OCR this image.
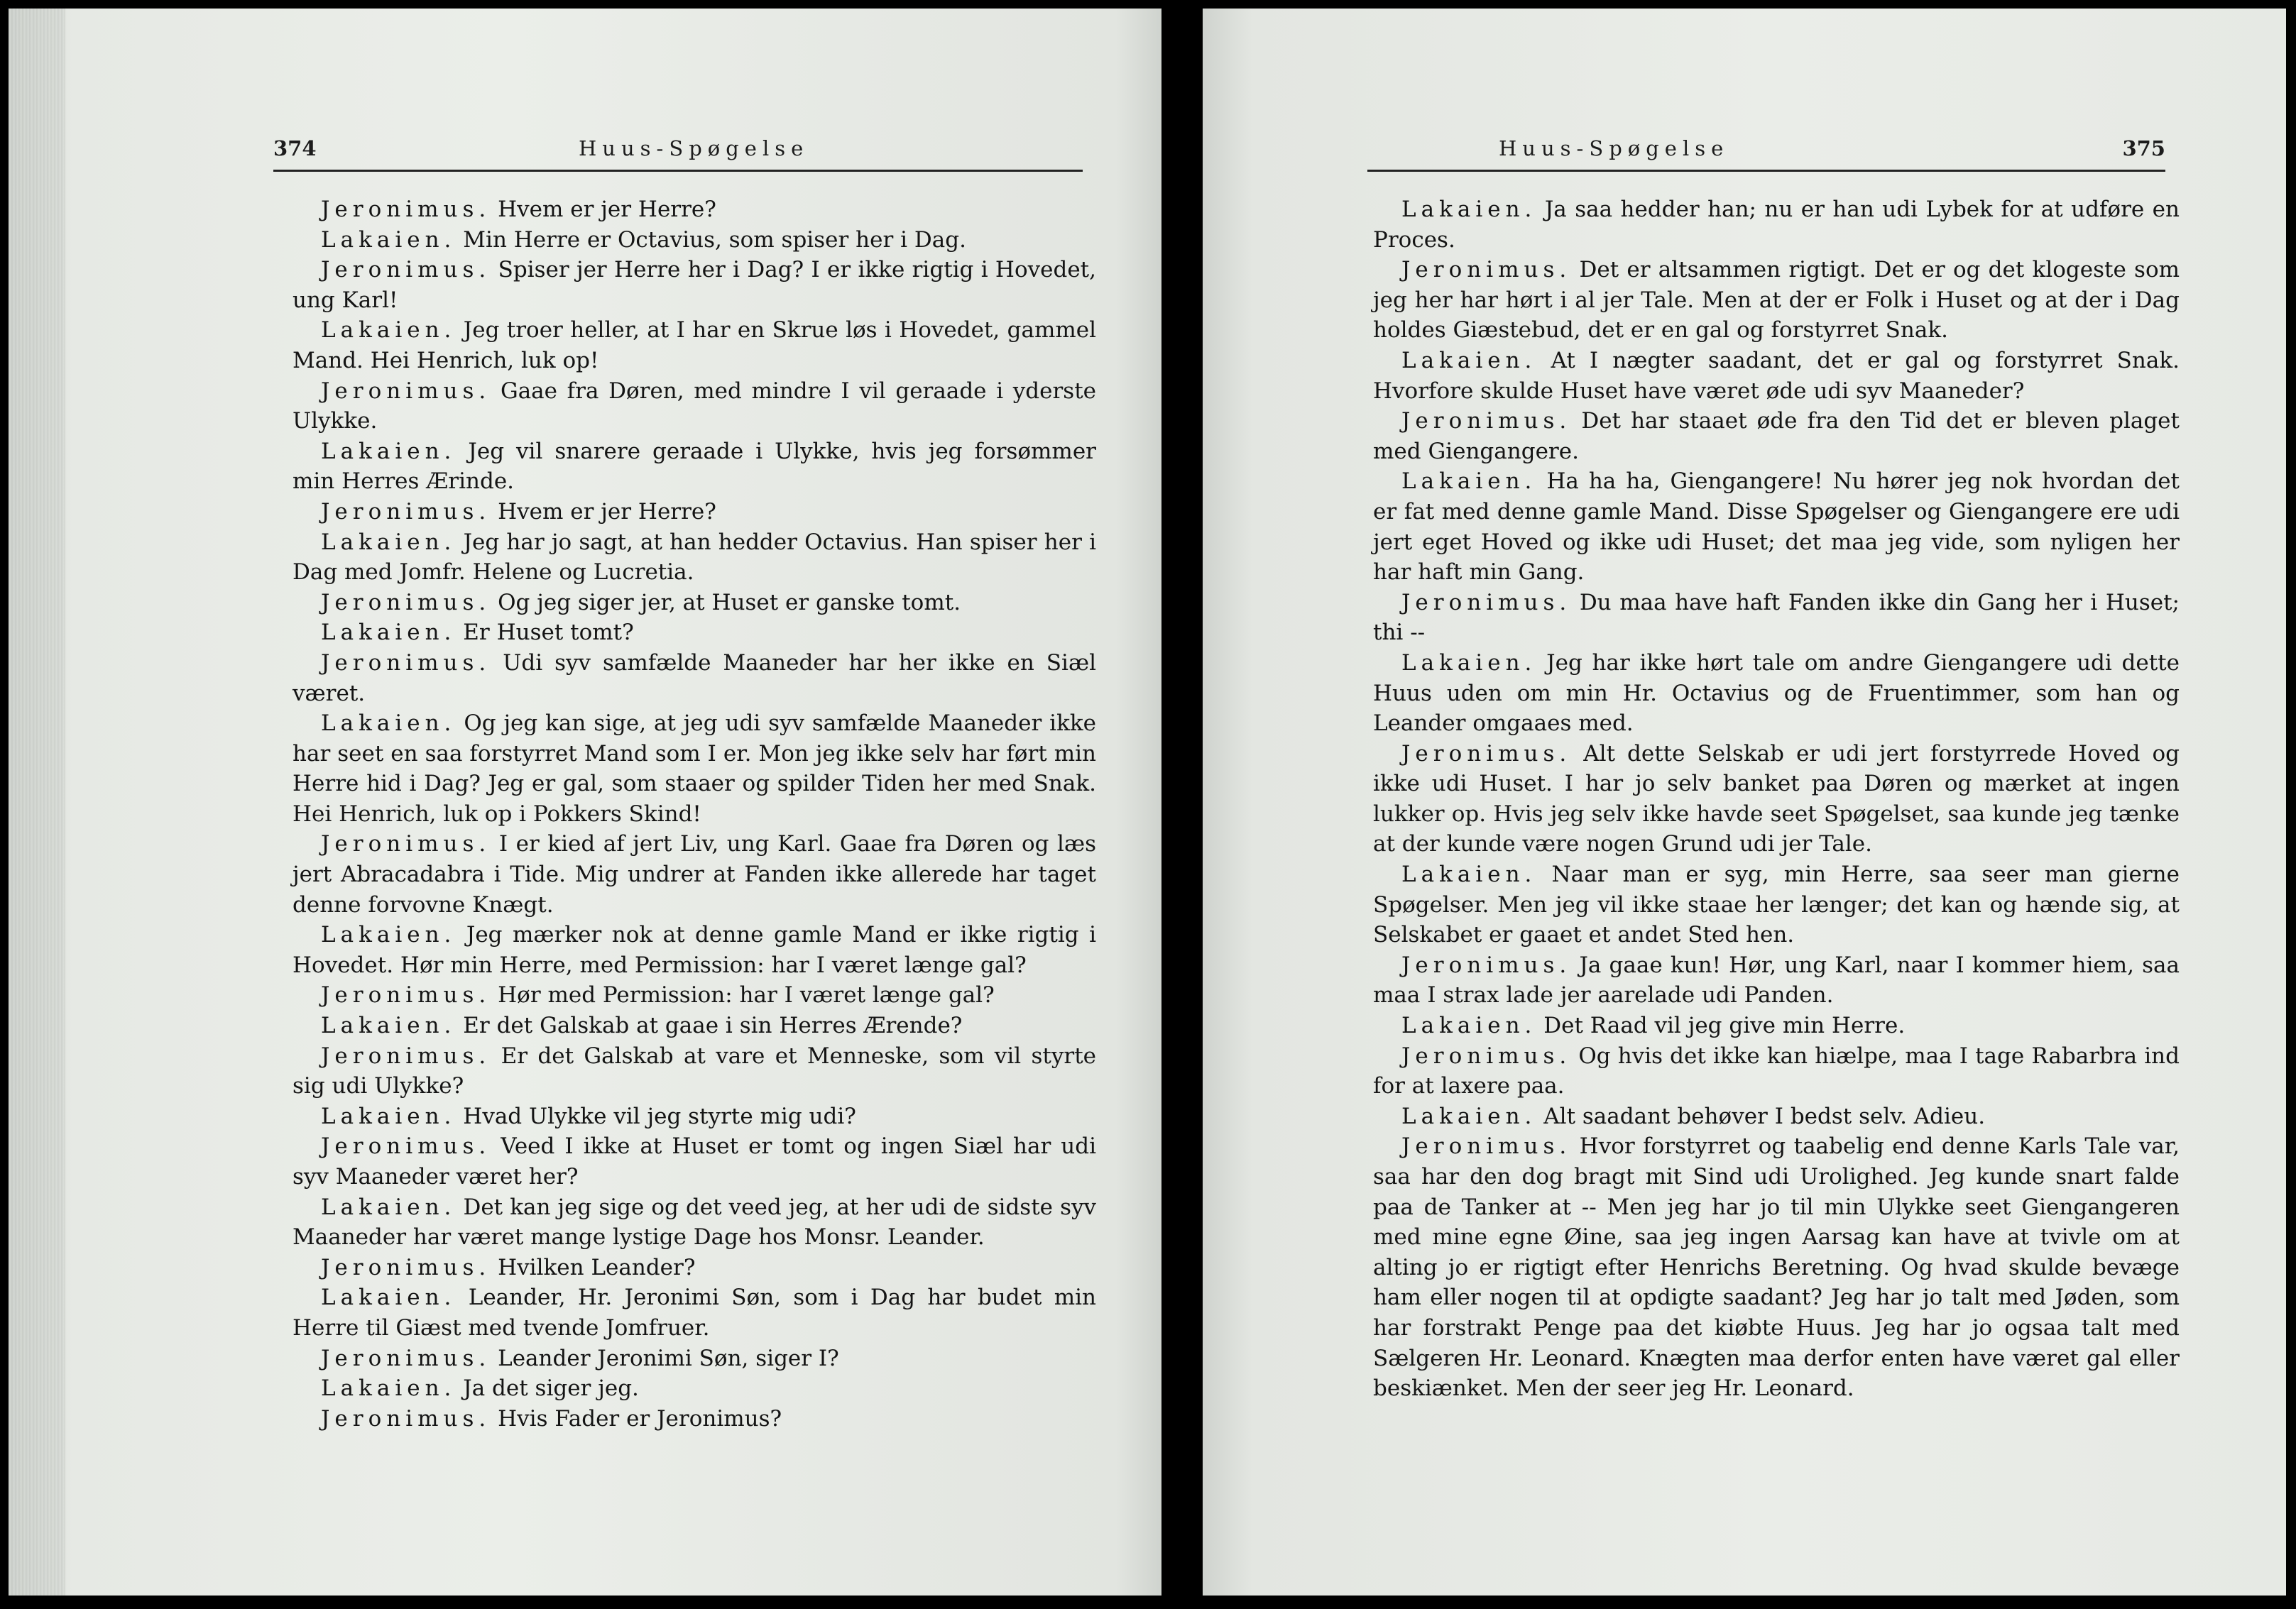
374	Huus-Spøgelse

Jeronimus. Hvem er jer Herre?

Lakaien. Min Herre er Octavius, som spiser her i Dag.

Jeronimus. Spiser jer Herre her i Dag? I er ikke rigtig i Hovedet, ung Karl!

Lakaien. Jeg troer heller, at I har en Skrue løs i Hovedet, gammel Mand. Hei Henrich, luk op!

Jeronimus. Gaae fra Døren, med mindre I vil geraade i yderste Ulykke.

Lakaien. Jeg vil snarere geraade i Ulykke, hvis jeg forsømmer min Herres Ærinde.

Jeronimus. Hvem er jer Herre?

Lakaien. Jeg har jo sagt, at han hedder Octavius. Han spiser her i Dag med Jomfr. Helene og Lucretia.

Jeronimus. Og jeg siger jer, at Huset er ganske tomt.

Lakaien. Er Huset tomt?

Jeronimus. Udi syv samfælde Maaneder har her ikke en Siæl været.

Lakaien. Og jeg kan sige, at jeg udi syv samfælde Maaneder ikke har seet en saa forstyrret Mand som I er. Mon jeg ikke selv har ført min Herre hid i Dag? Jeg er gal, som staaer og spilder Tiden her med Snak. Hei Henrich, luk op i Pokkers Skind!

Jeronimus. I er kied af jert Liv, ung Karl. Gaae fra Døren og læs jert Abracadabra i Tide. Mig undrer at Fanden ikke allerede har taget denne forvovne Knægt.

Lakaien. Jeg mærker nok at denne gamle Mand er ikke rigtig i Hovedet. Hør min Herre, med Permission: har I været længe gal?

Jeronimus. Hør med Permission: har I været længe gal?

Lakaien. Er det Galskab at gaae i sin Herres Ærende?

Jeronimus. Er det Galskab at vare et Menneske, som vil styrte sig udi Ulykke?

Lakaien. Hvad Ulykke vil jeg styrte mig udi?

Jeronimus. Veed I ikke at Huset er tomt og ingen Siæl har udi syv Maaneder været her?

Lakaien. Det kan jeg sige og det veed jeg, at her udi de sidste syv Maaneder har været mange lystige Dage hos Monsr. Leander.

Jeronimus. Hvilken Leander?

Lakaien. Leander, Hr. Jeronimi Søn, som i Dag har budet min Herre til Giæst med tvende Jomfruer.

Jeronimus. Leander Jeronimi Søn, siger I?

Lakaien. Ja det siger jeg.

Jeronimus. Hvis Fader er Jeronimus?

Huus-Spøgelse	375

Lakaien. Ja saa hedder han; nu er han udi Lybek for at udføre en Proces.

Jeronimus. Det er altsammen rigtigt. Det er og det klogeste som jeg her har hørt i al jer Tale. Men at der er Folk i Huset og at der i Dag holdes Giæstebud, det er en gal og forstyrret Snak.

Lakaien. At I nægter saadant, det er gal og forstyrret Snak. Hvorfore skulde Huset have været øde udi syv Maaneder?

Jeronimus. Det har staaet øde fra den Tid det er bleven plaget med Giengangere.

Lakaien. Ha ha ha, Giengangere! Nu hører jeg nok hvordan det er fat med denne gamle Mand. Disse Spøgelser og Giengangere ere udi jert eget Hoved og ikke udi Huset; det maa jeg vide, som nyligen her har haft min Gang.

Jeronimus. Du maa have haft Fanden ikke din Gang her i Huset; thi --

Lakaien. Jeg har ikke hørt tale om andre Giengangere udi dette Huus uden om min Hr. Octavius og de Fruentimmer, som han og Leander omgaaes med.

Jeronimus. Alt dette Selskab er udi jert forstyrrede Hoved og ikke udi Huset. I har jo selv banket paa Døren og mærket at ingen lukker op. Hvis jeg selv ikke havde seet Spøgelset, saa kunde jeg tænke at der kunde være nogen Grund udi jer Tale.

Lakaien. Naar man er syg, min Herre, saa seer man gierne Spøgelser. Men jeg vil ikke staae her længer; det kan og hænde sig, at Selskabet er gaaet et andet Sted hen.

Jeronimus. Ja gaae kun! Hør, ung Karl, naar I kommer hiem, saa maa I strax lade jer aarelade udi Panden.

Lakaien. Det Raad vil jeg give min Herre.

Jeronimus. Og hvis det ikke kan hiælpe, maa I tage Rabarbra ind for at laxere paa.

Lakaien. Alt saadant behøver I bedst selv. Adieu.

Jeronimus. Hvor forstyrret og taabelig end denne Karls Tale var, saa har den dog bragt mit Sind udi Urolighed. Jeg kunde snart falde paa de Tanker at -- Men jeg har jo til min Ulykke seet Giengangeren med mine egne Øine, saa jeg ingen Aarsag kan have at tvivle om at alting jo er rigtigt efter Henrichs Beretning. Og hvad skulde bevæge ham eller nogen til at opdigte saadant? Jeg har jo talt med Jøden, som har forstrakt Penge paa det kiøbte Huus. Jeg har jo ogsaa talt med Sælgeren Hr. Leonard. Knægten maa derfor enten have været gal eller beskiænket. Men der seer jeg Hr. Leonard.
